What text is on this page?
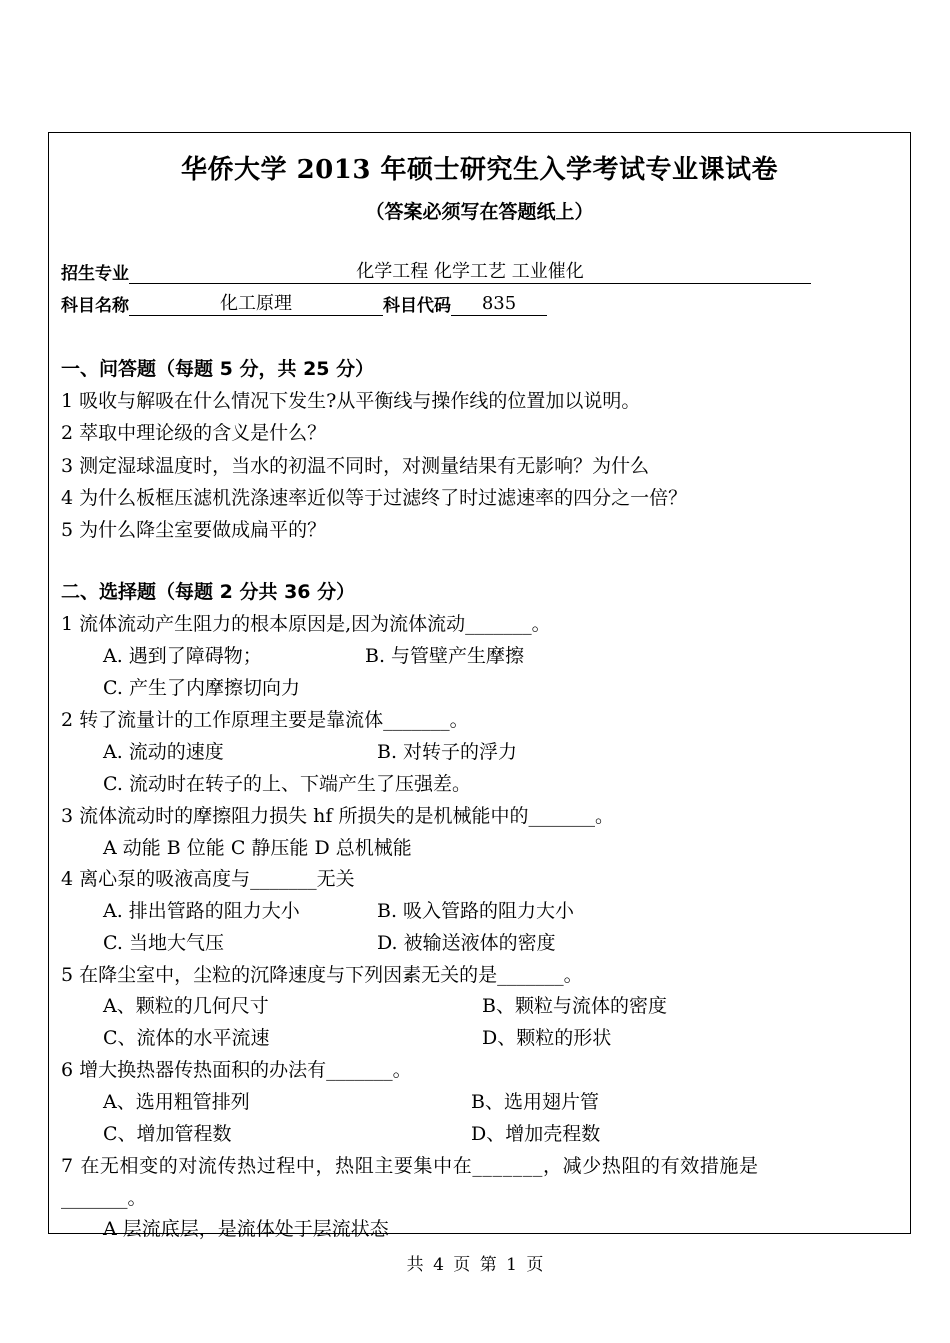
华侨大学 2013 年硕士研究生入学考试专业课试卷
（答案必须写在答题纸上）
招生专业	化学工程 化学工艺 工业催化
科目名称	化工原理	科目代码 835
一、问答题（每题 5 分，共 25 分）
1 吸收与解吸在什么情况下发生?从平衡线与操作线的位置加以说明。
2 萃取中理论级的含义是什么？
3 测定湿球温度时，当水的初温不同时，对测量结果有无影响？为什么
4 为什么板框压滤机洗涤速率近似等于过滤终了时过滤速率的四分之一倍？
5 为什么降尘室要做成扁平的？
二、选择题（每题 2 分共 36 分）
1 流体流动产生阻力的根本原因是,因为流体流动_______。
A. 遇到了障碍物；	B. 与管壁产生摩擦
C. 产生了内摩擦切向力
2 转了流量计的工作原理主要是靠流体_______。
A. 流动的速度	B. 对转子的浮力
C. 流动时在转子的上、下端产生了压强差。
3 流体流动时的摩擦阻力损失 hf 所损失的是机械能中的_______。
A 动能 B 位能 C 静压能 D 总机械能
4 离心泵的吸液高度与_______无关
A. 排出管路的阻力大小	B. 吸入管路的阻力大小
C. 当地大气压	D. 被输送液体的密度
5 在降尘室中，尘粒的沉降速度与下列因素无关的是_______。
A、颗粒的几何尺寸	B、颗粒与流体的密度
C、流体的水平流速	D、颗粒的形状
6 增大换热器传热面积的办法有_______。
A、选用粗管排列	B、选用翅片管
C、增加管程数	D、增加壳程数
7 在无相变的对流传热过程中，热阻主要集中在_______，减少热阻的有效措施是
_______。
A 层流底层，是流体处于层流状态
共 4 页 第 1 页
